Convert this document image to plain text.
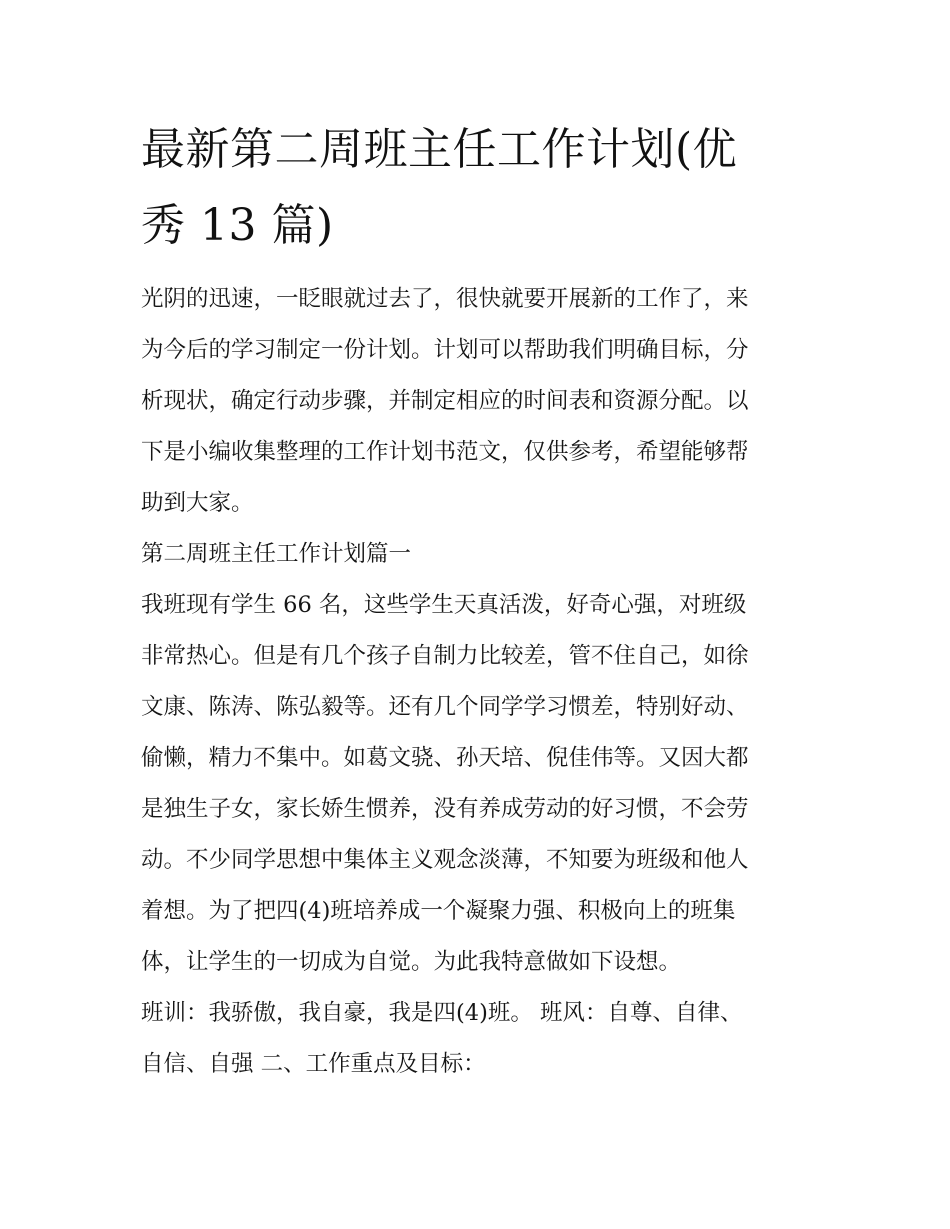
最新第二周班主任工作计划(优
秀 13 篇)
光阴的迅速，一眨眼就过去了，很快就要开展新的工作了，来
为今后的学习制定一份计划。计划可以帮助我们明确目标，分
析现状，确定行动步骤，并制定相应的时间表和资源分配。以
下是小编收集整理的工作计划书范文，仅供参考，希望能够帮
助到大家。
第二周班主任工作计划篇一
我班现有学生 66 名，这些学生天真活泼，好奇心强，对班级
非常热心。但是有几个孩子自制力比较差，管不住自己，如徐
文康、陈涛、陈弘毅等。还有几个同学学习惯差，特别好动、
偷懒，精力不集中。如葛文骁、孙天培、倪佳伟等。又因大都
是独生子女，家长娇生惯养，没有养成劳动的好习惯，不会劳
动。不少同学思想中集体主义观念淡薄，不知要为班级和他人
着想。为了把四(4)班培养成一个凝聚力强、积极向上的班集
体，让学生的一切成为自觉。为此我特意做如下设想。
班训：我骄傲，我自豪，我是四(4)班。 班风：自尊、自律、
自信、自强 二、工作重点及目标：
